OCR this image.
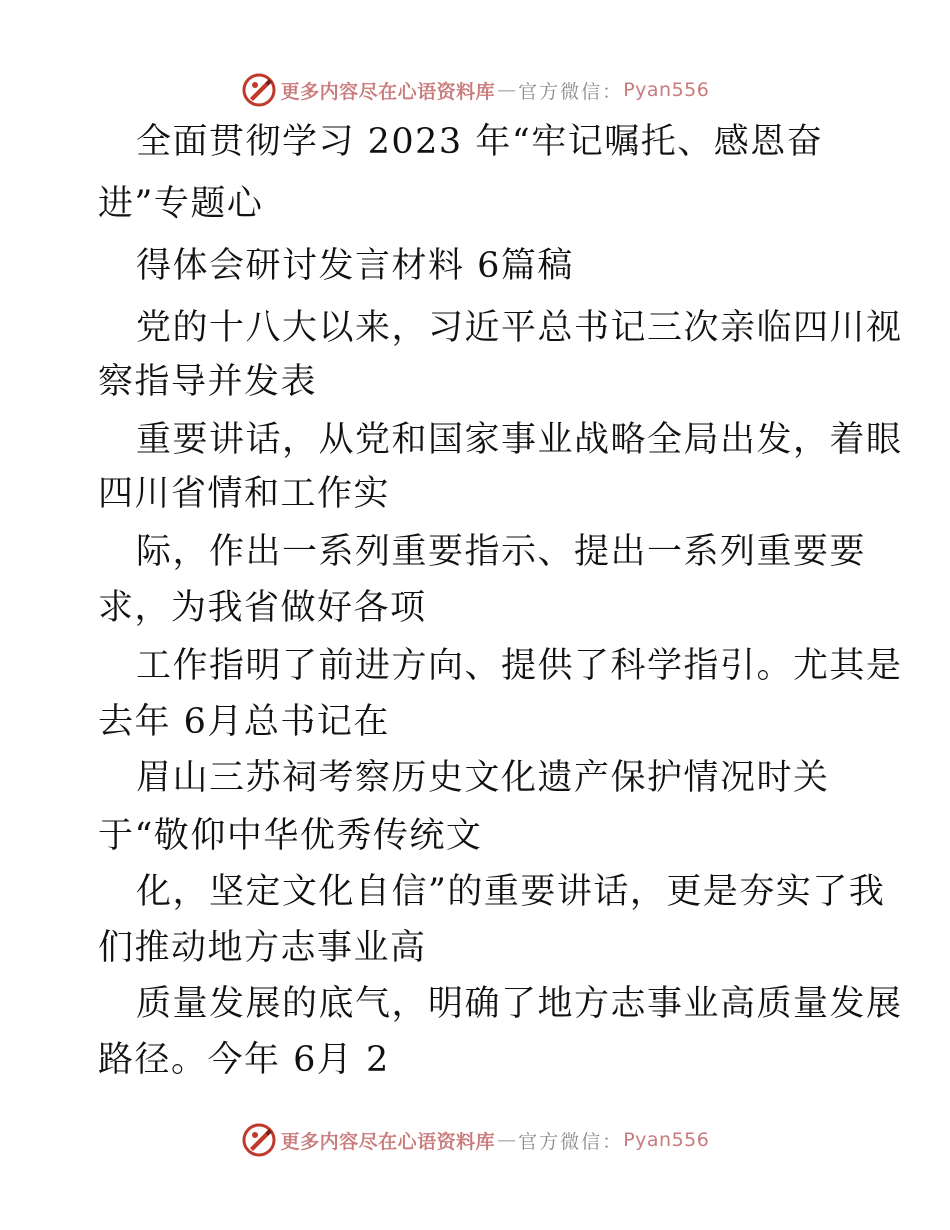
更多内容尽在心语资料库 — 官方微信： Pyan556
全面贯彻学习 2023 年“牢记嘱托、感恩奋
进”专题心
得体会研讨发言材料 6篇稿
党的十八大以来，习近平总书记三次亲临四川视
察指导并发表
重要讲话，从党和国家事业战略全局出发，着眼
四川省情和工作实
际，作出一系列重要指示、提出一系列重要要
求，为我省做好各项
工作指明了前进方向、提供了科学指引。尤其是
去年 6月总书记在
眉山三苏祠考察历史文化遗产保护情况时关
于“敬仰中华优秀传统文
化，坚定文化自信”的重要讲话，更是夯实了我
们推动地方志事业高
质量发展的底气，明确了地方志事业高质量发展
路径。今年 6月 2
更多内容尽在心语资料库 — 官方微信： Pyan556
